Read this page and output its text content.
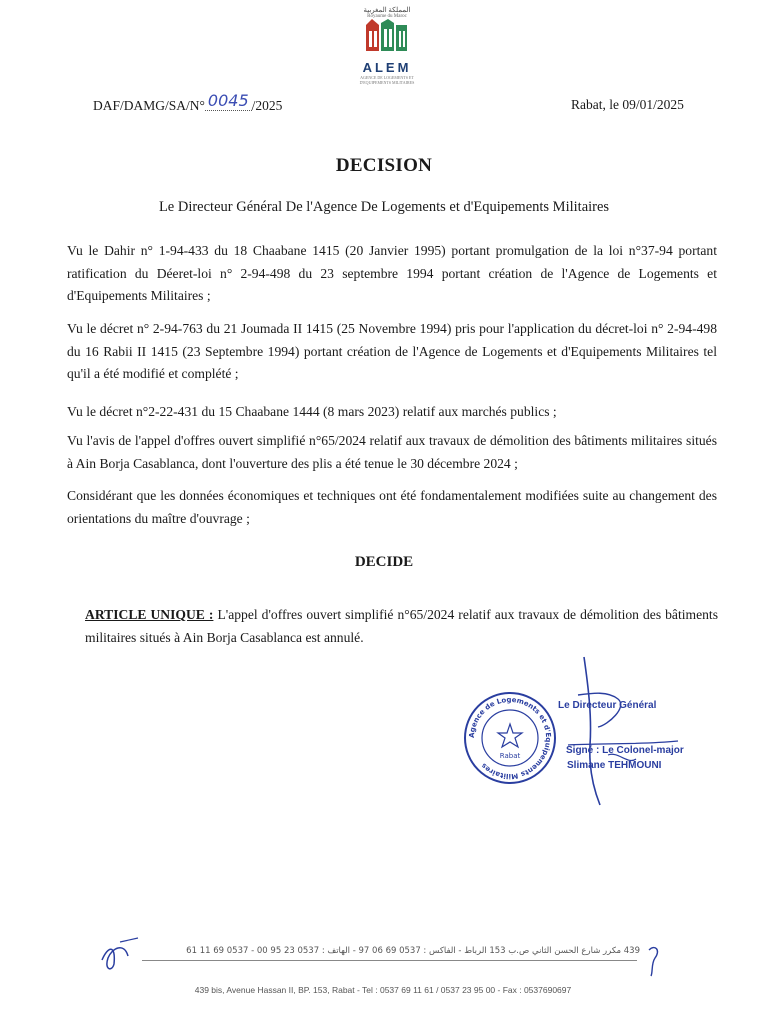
المملكة المغربية
Royaume du Maroc
ALEM
AGENCE DE LOGEMENTS ET D'EQUIPEMENTS MILITAIRES
DAF/DAMG/SA/N° 0045 /2025	Rabat, le 09/01/2025
DECISION
Le Directeur Général De l'Agence De Logements et d'Equipements Militaires
Vu le Dahir n° 1-94-433 du 18 Chaabane 1415 (20 Janvier 1995) portant promulgation de la loi n°37-94 portant ratification du Déeret-loi n° 2-94-498 du 23 septembre 1994 portant création de l'Agence de Logements et d'Equipements Militaires ;
Vu le décret n° 2-94-763 du 21 Joumada II 1415 (25 Novembre 1994) pris pour l'application du décret-loi n° 2-94-498 du 16 Rabii II 1415 (23 Septembre 1994) portant création de l'Agence de Logements et d'Equipements Militaires tel qu'il a été modifié et complété ;
Vu le décret n°2-22-431 du 15 Chaabane 1444 (8 mars 2023) relatif aux marchés publics ;
Vu l'avis de l'appel d'offres ouvert simplifié n°65/2024 relatif aux travaux de démolition des bâtiments militaires situés à Ain Borja Casablanca, dont l'ouverture des plis a été tenue le 30 décembre 2024 ;
Considérant que les données économiques et techniques ont été fondamentalement modifiées suite au changement des orientations du maître d'ouvrage ;
DECIDE
ARTICLE UNIQUE : L'appel d'offres ouvert simplifié n°65/2024 relatif aux travaux de démolition des bâtiments militaires situés à Ain Borja Casablanca est annulé.
Agence de Logements et d'Equipements Militaires
Rabat
Le Directeur Général
Signé : Le Colonel-major
Slimane TEHMOUNI
439 مكرر شارع الحسن الثاني ص.ب 153 الرباط - الفاكس : 0537 69 06 97 - الهاتف : 0537 23 95 00 - 0537 69 11 61
439 bis, Avenue Hassan II, BP. 153, Rabat - Tel : 0537 69 11 61 / 0537 23 95 00 - Fax : 0537690697
